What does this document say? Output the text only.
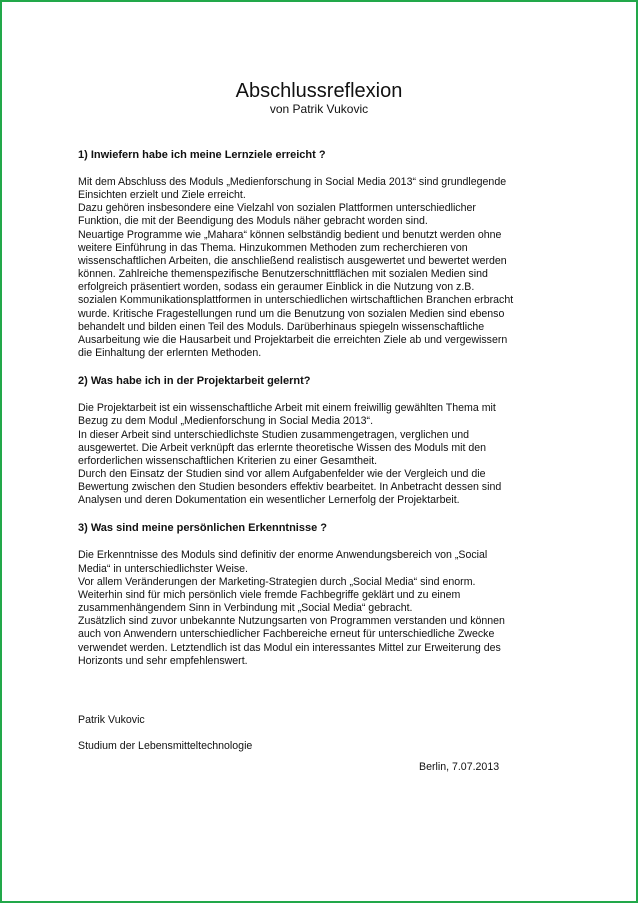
Abschlussreflexion
von Patrik Vukovic
1) Inwiefern habe ich meine Lernziele erreicht ?
Mit dem Abschluss des Moduls „Medienforschung in Social Media 2013“ sind grundlegende
Einsichten erzielt und Ziele erreicht.
Dazu gehören insbesondere eine Vielzahl von sozialen Plattformen unterschiedlicher
Funktion, die mit der Beendigung des Moduls näher gebracht worden sind.
Neuartige Programme wie „Mahara“ können selbständig bedient und benutzt werden ohne
weitere Einführung in das Thema. Hinzukommen Methoden zum recherchieren von
wissenschaftlichen Arbeiten, die anschließend realistisch ausgewertet und bewertet werden
können. Zahlreiche themenspezifische Benutzerschnittflächen mit sozialen Medien sind
erfolgreich präsentiert worden, sodass ein geraumer Einblick in die Nutzung von z.B.
sozialen Kommunikationsplattformen in unterschiedlichen wirtschaftlichen Branchen erbracht
wurde. Kritische Fragestellungen rund um die Benutzung von sozialen Medien sind ebenso
behandelt und bilden einen Teil des Moduls. Darüberhinaus spiegeln wissenschaftliche
Ausarbeitung wie die Hausarbeit und Projektarbeit die erreichten Ziele ab und vergewissern
die Einhaltung der erlernten Methoden.
2) Was habe ich in der Projektarbeit gelernt?
Die Projektarbeit ist ein wissenschaftliche Arbeit mit einem freiwillig gewählten Thema mit
Bezug zu dem Modul „Medienforschung in Social Media 2013“.
In dieser Arbeit sind unterschiedlichste Studien zusammengetragen, verglichen und
ausgewertet. Die Arbeit verknüpft das erlernte theoretische Wissen des Moduls mit den
erforderlichen wissenschaftlichen Kriterien zu einer Gesamtheit.
Durch den Einsatz der Studien sind vor allem Aufgabenfelder wie der Vergleich und die
Bewertung zwischen den Studien besonders effektiv bearbeitet. In Anbetracht dessen sind
Analysen und deren Dokumentation ein wesentlicher Lernerfolg der Projektarbeit.
3) Was sind meine persönlichen Erkenntnisse ?
Die Erkenntnisse des Moduls sind definitiv der enorme Anwendungsbereich von „Social
Media“ in unterschiedlichster Weise.
Vor allem Veränderungen der Marketing-Strategien durch „Social Media“ sind enorm.
Weiterhin sind für mich persönlich viele fremde Fachbegriffe geklärt und zu einem
zusammenhängendem Sinn in Verbindung mit „Social Media“ gebracht.
Zusätzlich sind zuvor unbekannte Nutzungsarten von Programmen verstanden und können
auch von Anwendern unterschiedlicher Fachbereiche erneut für unterschiedliche Zwecke
verwendet werden. Letztendlich ist das Modul ein interessantes Mittel zur Erweiterung des
Horizonts und sehr empfehlenswert.
Patrik Vukovic
Studium der Lebensmitteltechnologie
Berlin, 7.07.2013
